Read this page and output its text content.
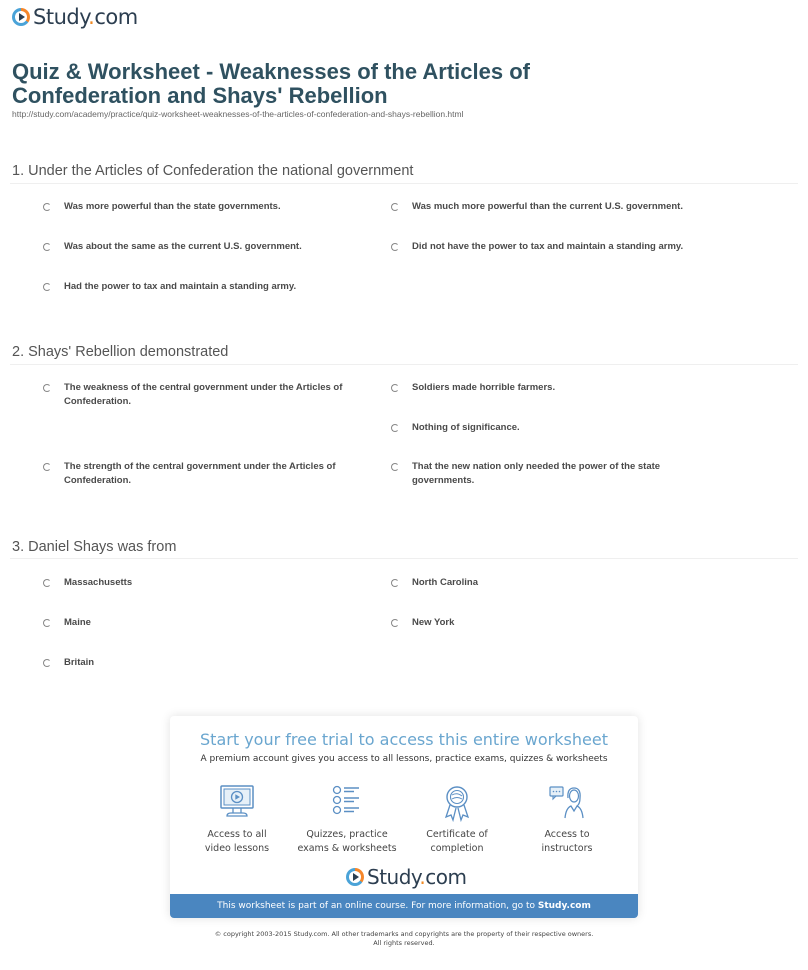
Study.com
Quiz & Worksheet - Weaknesses of the Articles of Confederation and Shays' Rebellion
http://study.com/academy/practice/quiz-worksheet-weaknesses-of-the-articles-of-confederation-and-shays-rebellion.html
1. Under the Articles of Confederation the national government
Was more powerful than the state governments.	Was much more powerful than the current U.S. government.
Was about the same as the current U.S. government.	Did not have the power to tax and maintain a standing army.
Had the power to tax and maintain a standing army.
2. Shays' Rebellion demonstrated
The weakness of the central government under the Articles of Confederation.
Soldiers made horrible farmers.
Nothing of significance.
The strength of the central government under the Articles of Confederation.
That the new nation only needed the power of the state governments.
3. Daniel Shays was from
Massachusetts	North Carolina
Maine	New York
Britain
Start your free trial to access this entire worksheet
A premium account gives you access to all lessons, practice exams, quizzes & worksheets
Access to all
video lessons
Quizzes, practice
exams & worksheets
Certificate of
completion
Access to
instructors
Study.com
This worksheet is part of an online course. For more information, go to Study.com
© copyright 2003-2015 Study.com. All other trademarks and copyrights are the property of their respective owners.
All rights reserved.
